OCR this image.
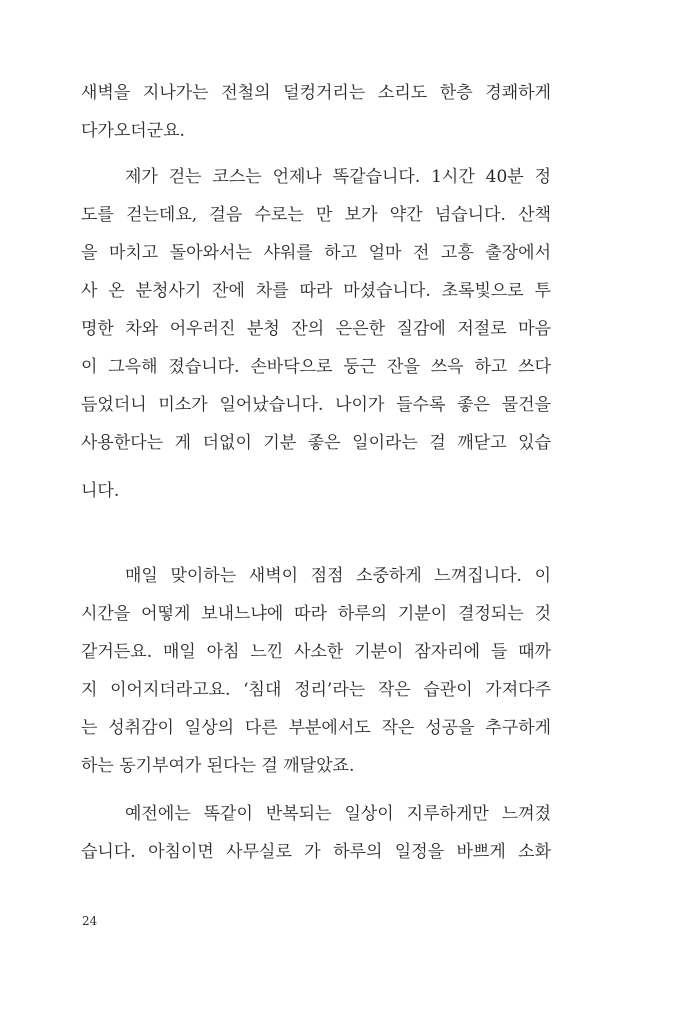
새벽을 지나가는 전철의 덜컹거리는 소리도 한층 경쾌하게
다가오더군요.
제가 걷는 코스는 언제나 똑같습니다. 1시간 40분 정
도를 걷는데요, 걸음 수로는 만 보가 약간 넘습니다. 산책
을 마치고 돌아와서는 샤워를 하고 얼마 전 고흥 출장에서
사 온 분청사기 잔에 차를 따라 마셨습니다. 초록빛으로 투
명한 차와 어우러진 분청 잔의 은은한 질감에 저절로 마음
이 그윽해 졌습니다. 손바닥으로 둥근 잔을 쓰윽 하고 쓰다
듬었더니 미소가 일어났습니다. 나이가 들수록 좋은 물건을
사용한다는 게 더없이 기분 좋은 일이라는 걸 깨닫고 있습
니다.
매일 맞이하는 새벽이 점점 소중하게 느껴집니다. 이
시간을 어떻게 보내느냐에 따라 하루의 기분이 결정되는 것
같거든요. 매일 아침 느낀 사소한 기분이 잠자리에 들 때까
지 이어지더라고요. ‘침대 정리’라는 작은 습관이 가져다주
는 성취감이 일상의 다른 부분에서도 작은 성공을 추구하게
하는 동기부여가 된다는 걸 깨달았죠.
예전에는 똑같이 반복되는 일상이 지루하게만 느껴졌
습니다. 아침이면 사무실로 가 하루의 일정을 바쁘게 소화
24
